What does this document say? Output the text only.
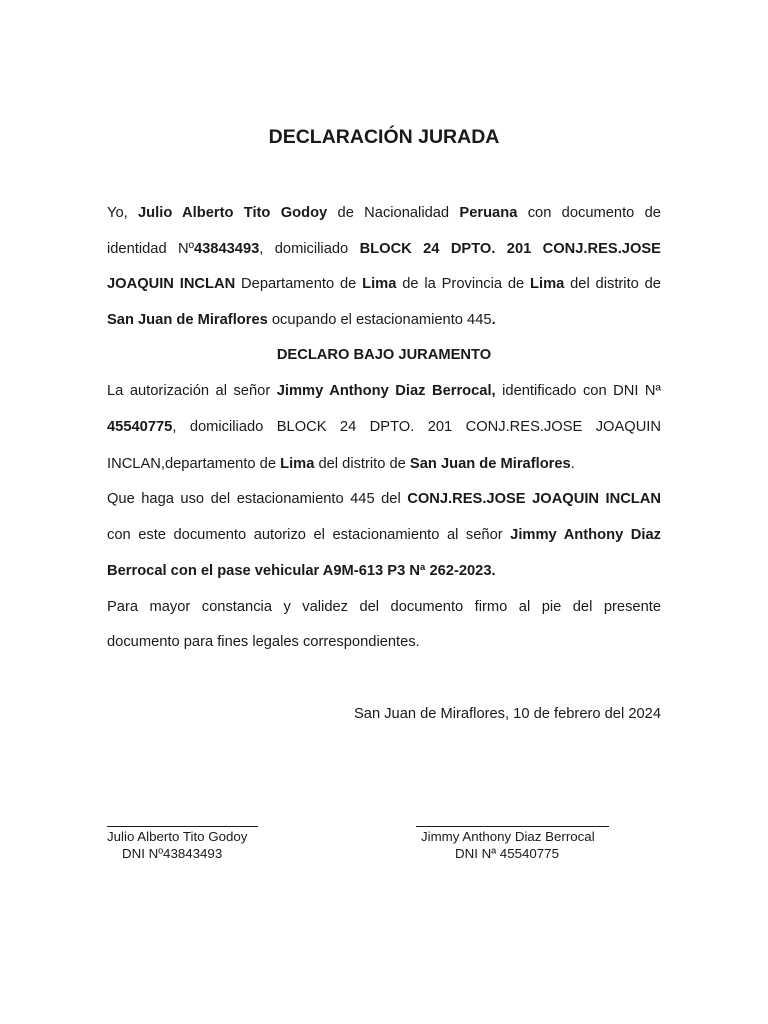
DECLARACIÓN JURADA
Yo, Julio Alberto Tito Godoy de Nacionalidad Peruana con documento de
identidad Nº43843493, domiciliado BLOCK 24 DPTO. 201 CONJ.RES.JOSE
JOAQUIN INCLAN Departamento de Lima de la Provincia de Lima del distrito de
San Juan de Miraflores ocupando el estacionamiento 445.
DECLARO BAJO JURAMENTO
La autorización al señor Jimmy Anthony Diaz Berrocal, identificado con DNI Nª
45540775, domiciliado BLOCK 24 DPTO. 201 CONJ.RES.JOSE JOAQUIN
INCLAN,departamento de Lima del distrito de San Juan de Miraflores.
Que haga uso del estacionamiento 445 del CONJ.RES.JOSE JOAQUIN INCLAN
con este documento autorizo el estacionamiento al señor Jimmy Anthony Diaz
Berrocal con el pase vehicular A9M-613 P3 Nª 262-2023.
Para mayor constancia y validez del documento firmo al pie del presente
documento para fines legales correspondientes.
San Juan de Miraflores, 10 de febrero del 2024
Julio Alberto Tito Godoy
DNI Nº43843493
Jimmy Anthony Diaz Berrocal
DNI Nª 45540775
